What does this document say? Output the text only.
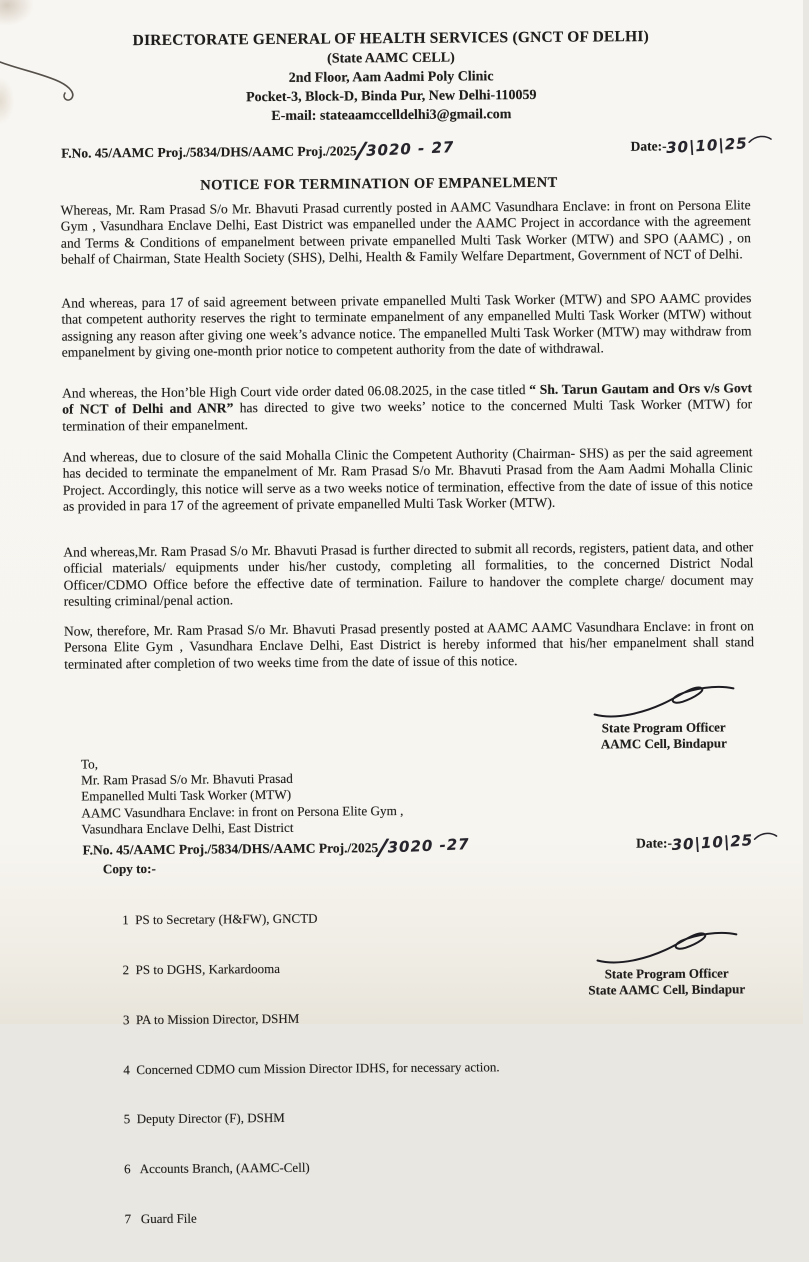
DIRECTORATE GENERAL OF HEALTH SERVICES (GNCT OF DELHI)
(State AAMC CELL)
2nd Floor, Aam Aadmi Poly Clinic
Pocket-3, Block-D, Binda Pur, New Delhi-110059
E-mail: stateaamccelldelhi3@gmail.com
F.No. 45/AAMC Proj./5834/DHS/AAMC Proj./2025/3020 - 27	Date:-30|10|25
NOTICE FOR TERMINATION OF EMPANELMENT
Whereas, Mr. Ram Prasad S/o Mr. Bhavuti Prasad currently posted in AAMC Vasundhara Enclave: in front on Persona Elite Gym , Vasundhara Enclave Delhi, East District was empanelled under the AAMC Project in accordance with the agreement and Terms & Conditions of empanelment between private empanelled Multi Task Worker (MTW) and SPO (AAMC) , on behalf of Chairman, State Health Society (SHS), Delhi, Health & Family Welfare Department, Government of NCT of Delhi.
And whereas, para 17 of said agreement between private empanelled Multi Task Worker (MTW) and SPO AAMC provides that competent authority reserves the right to terminate empanelment of any empanelled Multi Task Worker (MTW) without assigning any reason after giving one week’s advance notice. The empanelled Multi Task Worker (MTW) may withdraw from empanelment by giving one-month prior notice to competent authority from the date of withdrawal.
And whereas, the Hon’ble High Court vide order dated 06.08.2025, in the case titled “ Sh. Tarun Gautam and Ors v/s Govt of NCT of Delhi and ANR” has directed to give two weeks’ notice to the concerned Multi Task Worker (MTW) for termination of their empanelment.
And whereas, due to closure of the said Mohalla Clinic the Competent Authority (Chairman- SHS) as per the said agreement has decided to terminate the empanelment of Mr. Ram Prasad S/o Mr. Bhavuti Prasad from the Aam Aadmi Mohalla Clinic Project. Accordingly, this notice will serve as a two weeks notice of termination, effective from the date of issue of this notice as provided in para 17 of the agreement of private empanelled Multi Task Worker (MTW).
And whereas,Mr. Ram Prasad S/o Mr. Bhavuti Prasad is further directed to submit all records, registers, patient data, and other official materials/ equipments under his/her custody, completing all formalities, to the concerned District Nodal Officer/CDMO Office before the effective date of termination. Failure to handover the complete charge/ document may resulting criminal/penal action.
Now, therefore, Mr. Ram Prasad S/o Mr. Bhavuti Prasad presently posted at AAMC AAMC Vasundhara Enclave: in front on Persona Elite Gym , Vasundhara Enclave Delhi, East District is hereby informed that his/her empanelment shall stand terminated after completion of two weeks time from the date of issue of this notice.
State Program Officer
AAMC Cell, Bindapur
To,
Mr. Ram Prasad S/o Mr. Bhavuti Prasad
Empanelled Multi Task Worker (MTW)
AAMC Vasundhara Enclave: in front on Persona Elite Gym ,
Vasundhara Enclave Delhi, East District
F.No. 45/AAMC Proj./5834/DHS/AAMC Proj./2025/3020 -27	Date:-30|10|25
Copy to:-

1  PS to Secretary (H&FW), GNCTD

2  PS to DGHS, Karkardooma

3  PA to Mission Director, DSHM

4  Concerned CDMO cum Mission Director IDHS, for necessary action.

5  Deputy Director (F), DSHM

6   Accounts Branch, (AAMC-Cell)

7   Guard File

State Program Officer
State AAMC Cell, Bindapur
